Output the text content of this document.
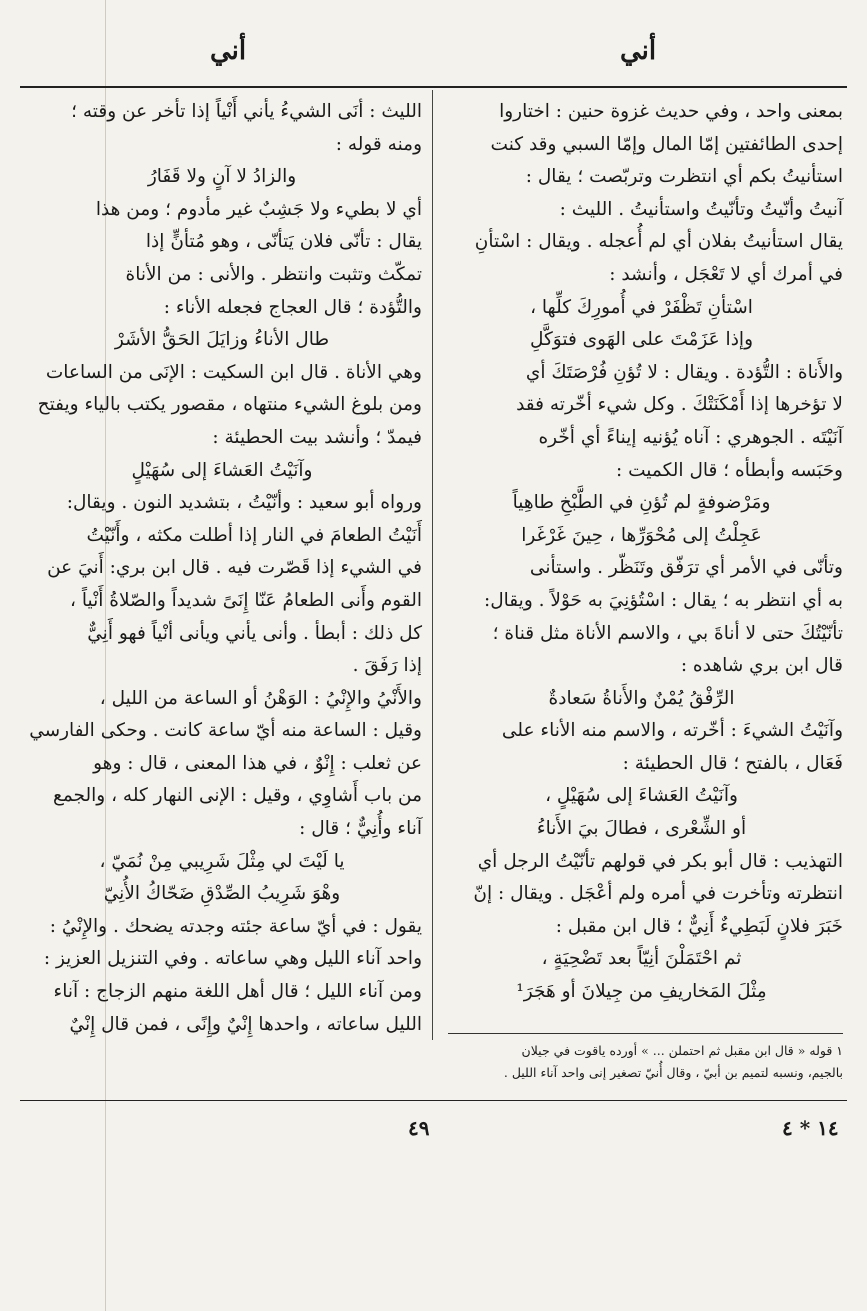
أني
أني

بمعنى واحد ، وفي حديث غزوة حنين : اختاروا

إحدى الطائفتين إمّا المال وإمّا السبي وقد كنت

استأنيتُ بكم أي انتظرت وتربّصت ؛ يقال :

آنيتُ وأنّيتُ وتأنّيتُ واستأنيتُ . الليث :

يقال استأنيتُ بفلان أي لم أُعجله . ويقال : اسْتأنِ

في أمرك أي لا تَعْجَل ، وأنشد :

اسْتأنِ تَظْفَرْ في أُمورِكَ كلِّها ،

وإذا عَزَمْتَ على الهَوى فتوَكَّلِ

والأَناة : التُّؤدة . ويقال : لا تُؤنِ فُرْصَتَكَ أي

لا تؤخرها إذا أَمْكَنَتْكَ . وكل شيء أخّرته فقد

آنَيْتَه . الجوهري : آناه يُؤنيه إيناءً أي أخّره

وحَبَسه وأبطأه ؛ قال الكميت :

ومَرْضوفةٍ لم تُؤنِ في الطَّبْخِ طاهِياً

عَجِلْتُ إلى مُحْوَرِّها ، حِينَ غَرْغَرا

وتأنّى في الأمر أي ترَفّق وتَنَظّر . واستأنى

به أي انتظر به ؛ يقال : اسْتُؤنِيَ به حَوْلاً . ويقال:

تأنّيْتُكَ حتى لا أناةَ بي ، والاسم الأناة مثل قناة ؛

قال ابن بري شاهده :

الرِّفْقُ يُمْنٌ والأَناةُ سَعادةٌ

وآنَيْتُ الشيءَ : أخّرته ، والاسم منه الأناء على

فَعَال ، بالفتح ؛ قال الحطيئة :

وآنَيْتُ العَشاءَ إلى سُهَيْلٍ ،

أو الشِّعْرى ، فطالَ بيَ الأَناءُ

التهذيب : قال أبو بكر في قولهم تأنّيْتُ الرجل أي

انتظرته وتأخرت في أمره ولم أعْجَل . ويقال : إنّ

خَبَرَ فلانٍ لَبَطِيءٌ أَنِيٌّ ؛ قال ابن مقبل :

ثم احْتَمَلْنَ أنِيّاً بعد تَضْحِيَةٍ ،

مِثْلَ المَخاريفِ من جِيلانَ أو هَجَرَ¹

الليث : أنَى الشيءُ يأني أَنْياً إذا تأخر عن وقته ؛

ومنه قوله :

والزادُ لا آنٍ ولا قَفَارُ

أي لا بطيء ولا جَشِبٌ غير مأدوم ؛ ومن هذا

يقال : تأنّى فلان يَتأنّى ، وهو مُتأنٍّ إذا

تمكّث وتثبت وانتظر . والأنى : من الأناة

والتُّؤدة ؛ قال العجاج فجعله الأناء :

طال الأناءُ وزايَلَ الحَقُّ الأشَرْ

وهي الأناة . قال ابن السكيت : الإنَى من الساعات

ومن بلوغ الشيء منتهاه ، مقصور يكتب بالياء ويفتح

فيمدّ ؛ وأنشد بيت الحطيئة :

وآنَيْتُ العَشاءَ إلى سُهَيْلٍ

ورواه أبو سعيد : وأنّيْتُ ، بتشديد النون . ويقال:

أَنَيْتُ الطعامَ في النار إذا أطلت مكثه ، وأَنّيْتُ

في الشيء إذا قَصّرت فيه . قال ابن بري: أَنيَ عن

القوم وأَنى الطعامُ عَنّا إِنَىً شديداً والصّلاةُ أَنْياً ،

كل ذلك : أبطأ . وأنى يأني ويأنى أنْياً فهو أَنِيٌّ

إذا رَفَقَ .

والأَنْيُ والإِنْيُ : الوَهْنُ أو الساعة من الليل ،

وقيل : الساعة منه أيّ ساعة كانت . وحكى الفارسي

عن ثعلب : إِنْوٌ ، في هذا المعنى ، قال : وهو

من باب أَشاوِي ، وقيل : الإنى النهار كله ، والجمع

آناء وأُنِيٌّ ؛ قال :

يا لَيْتَ لي مِثْلَ شَرِيبي مِنْ نُمَيّ ،

وهْوَ شَرِيبُ الصِّدْقِ ضَحّاكُ الأُنِيّ

يقول : في أيّ ساعة جئته وجدته يضحك . والإِنْيُ :

واحد آناء الليل وهي ساعاته . وفي التنزيل العزيز :

ومن آناء الليل ؛ قال أهل اللغة منهم الزجاج : آناء

الليل ساعاته ، واحدها إِنْيٌ وإِنًى ، فمن قال إِنْيٌ

١ قوله « قال ابن مقبل ثم احتملن ... » أورده ياقوت في جيلان

بالجيم، ونسبه لتميم بن أبيّ ، وقال أُنيّ تصغير إنى واحد آناء الليل .

٤٩	١٤ * ٤
